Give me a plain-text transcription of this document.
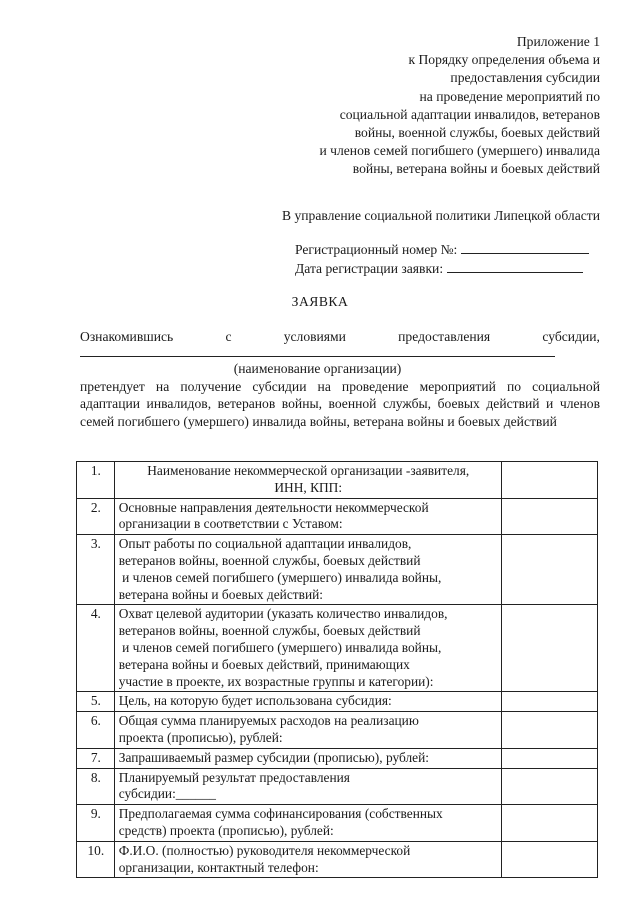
Приложение 1
к Порядку определения объема и
предоставления субсидии
на проведение мероприятий по
социальной адаптации инвалидов, ветеранов
войны, военной службы, боевых действий
и членов семей погибшего (умершего) инвалида
войны, ветерана войны и боевых действий
В управление социальной политики Липецкой области
Регистрационный номер №:
Дата регистрации заявки:
ЗАЯВКА
Ознакомившись	с	условиями	предоставления	субсидии,
(наименование организации)
претендует на получение субсидии на проведение мероприятий по социальной адаптации инвалидов, ветеранов войны, военной службы, боевых действий и членов семей погибшего (умершего) инвалида войны, ветерана войны и боевых действий
1.	Наименование некоммерческой организации -заявителя,
ИНН, КПП:	

2.	Основные направления деятельности некоммерческой
организации в соответствии с Уставом:	

3.	Опыт работы по социальной адаптации инвалидов,
ветеранов войны, военной службы, боевых действий
и членов семей погибшего (умершего) инвалида войны,
ветерана войны и боевых действий:	

4.	Охват целевой аудитории (указать количество инвалидов,
ветеранов войны, военной службы, боевых действий
и членов семей погибшего (умершего) инвалида войны,
ветерана войны и боевых действий, принимающих
участие в проекте, их возрастные группы и категории):	

5.	Цель, на которую будет использована субсидия:	

6.	Общая сумма планируемых расходов на реализацию
проекта (прописью), рублей:	

7.	Запрашиваемый размер субсидии (прописью), рублей:	

8.	Планируемый результат предоставления
субсидии:______	

9.	Предполагаемая сумма софинансирования (собственных
средств) проекта (прописью), рублей:	

10.	Ф.И.О. (полностью) руководителя некоммерческой
организации, контактный телефон:	
